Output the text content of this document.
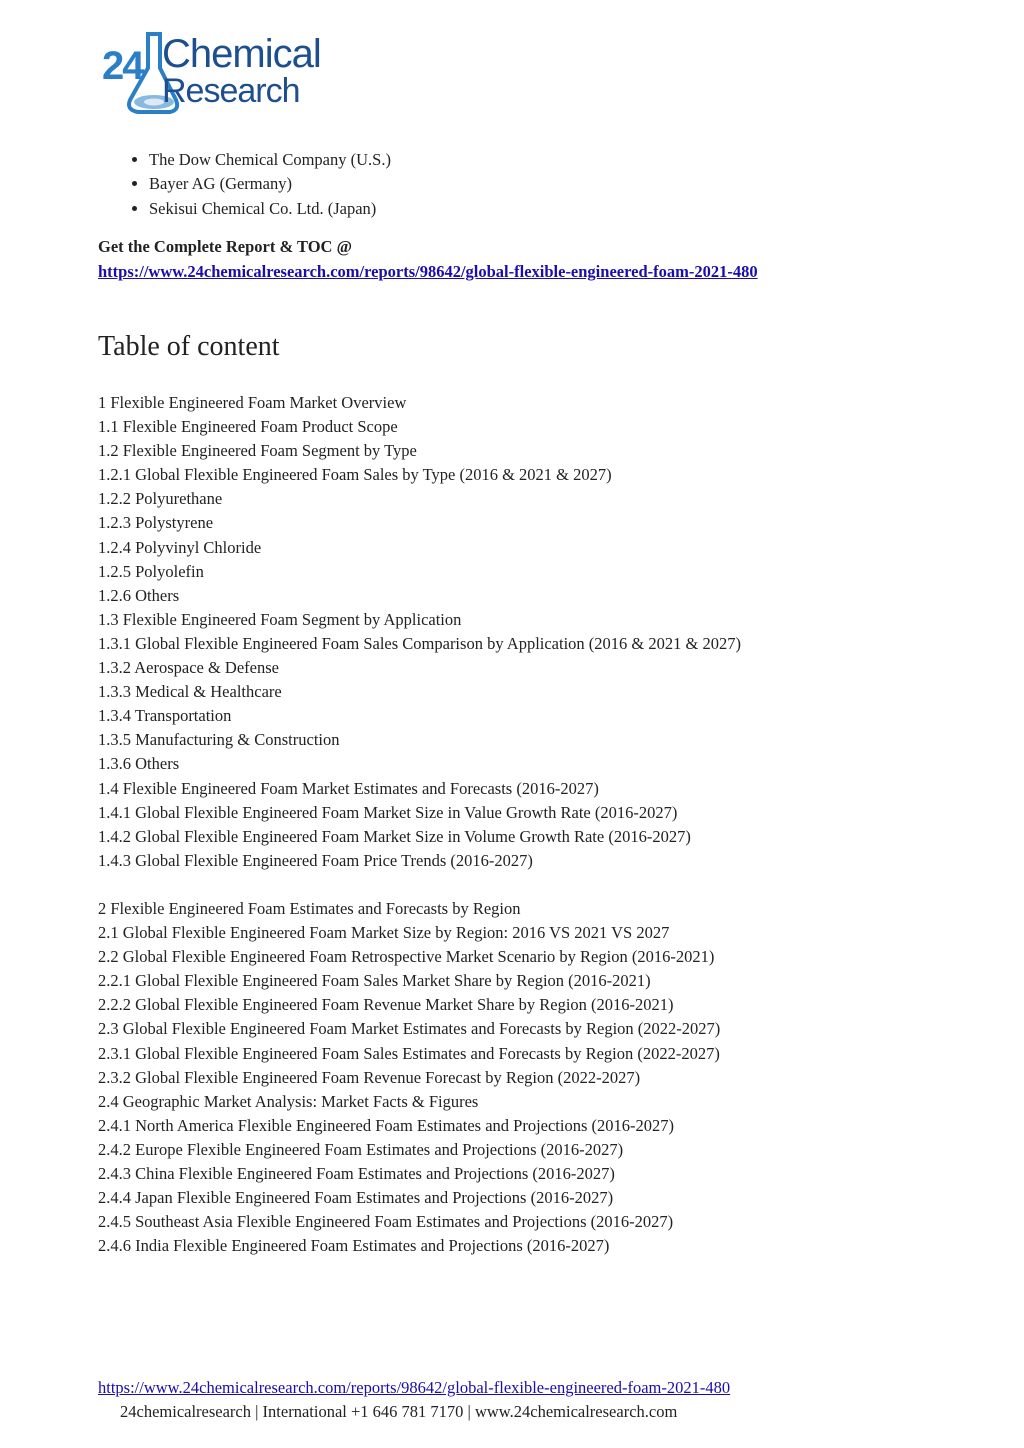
24 Chemical
Research
• The Dow Chemical Company (U.S.)
• Bayer AG (Germany)
• Sekisui Chemical Co. Ltd. (Japan)
Get the Complete Report & TOC @
https://www.24chemicalresearch.com/reports/98642/global-flexible-engineered-foam-2021-480
Table of content
1 Flexible Engineered Foam Market Overview
1.1 Flexible Engineered Foam Product Scope
1.2 Flexible Engineered Foam Segment by Type
1.2.1 Global Flexible Engineered Foam Sales by Type (2016 & 2021 & 2027)
1.2.2 Polyurethane
1.2.3 Polystyrene
1.2.4 Polyvinyl Chloride
1.2.5 Polyolefin
1.2.6 Others
1.3 Flexible Engineered Foam Segment by Application
1.3.1 Global Flexible Engineered Foam Sales Comparison by Application (2016 & 2021 & 2027)
1.3.2 Aerospace & Defense
1.3.3 Medical & Healthcare
1.3.4 Transportation
1.3.5 Manufacturing & Construction
1.3.6 Others
1.4 Flexible Engineered Foam Market Estimates and Forecasts (2016-2027)
1.4.1 Global Flexible Engineered Foam Market Size in Value Growth Rate (2016-2027)
1.4.2 Global Flexible Engineered Foam Market Size in Volume Growth Rate (2016-2027)
1.4.3 Global Flexible Engineered Foam Price Trends (2016-2027)
2 Flexible Engineered Foam Estimates and Forecasts by Region
2.1 Global Flexible Engineered Foam Market Size by Region: 2016 VS 2021 VS 2027
2.2 Global Flexible Engineered Foam Retrospective Market Scenario by Region (2016-2021)
2.2.1 Global Flexible Engineered Foam Sales Market Share by Region (2016-2021)
2.2.2 Global Flexible Engineered Foam Revenue Market Share by Region (2016-2021)
2.3 Global Flexible Engineered Foam Market Estimates and Forecasts by Region (2022-2027)
2.3.1 Global Flexible Engineered Foam Sales Estimates and Forecasts by Region (2022-2027)
2.3.2 Global Flexible Engineered Foam Revenue Forecast by Region (2022-2027)
2.4 Geographic Market Analysis: Market Facts & Figures
2.4.1 North America Flexible Engineered Foam Estimates and Projections (2016-2027)
2.4.2 Europe Flexible Engineered Foam Estimates and Projections (2016-2027)
2.4.3 China Flexible Engineered Foam Estimates and Projections (2016-2027)
2.4.4 Japan Flexible Engineered Foam Estimates and Projections (2016-2027)
2.4.5 Southeast Asia Flexible Engineered Foam Estimates and Projections (2016-2027)
2.4.6 India Flexible Engineered Foam Estimates and Projections (2016-2027)
https://www.24chemicalresearch.com/reports/98642/global-flexible-engineered-foam-2021-480
24chemicalresearch | International +1 646 781 7170 | www.24chemicalresearch.com
